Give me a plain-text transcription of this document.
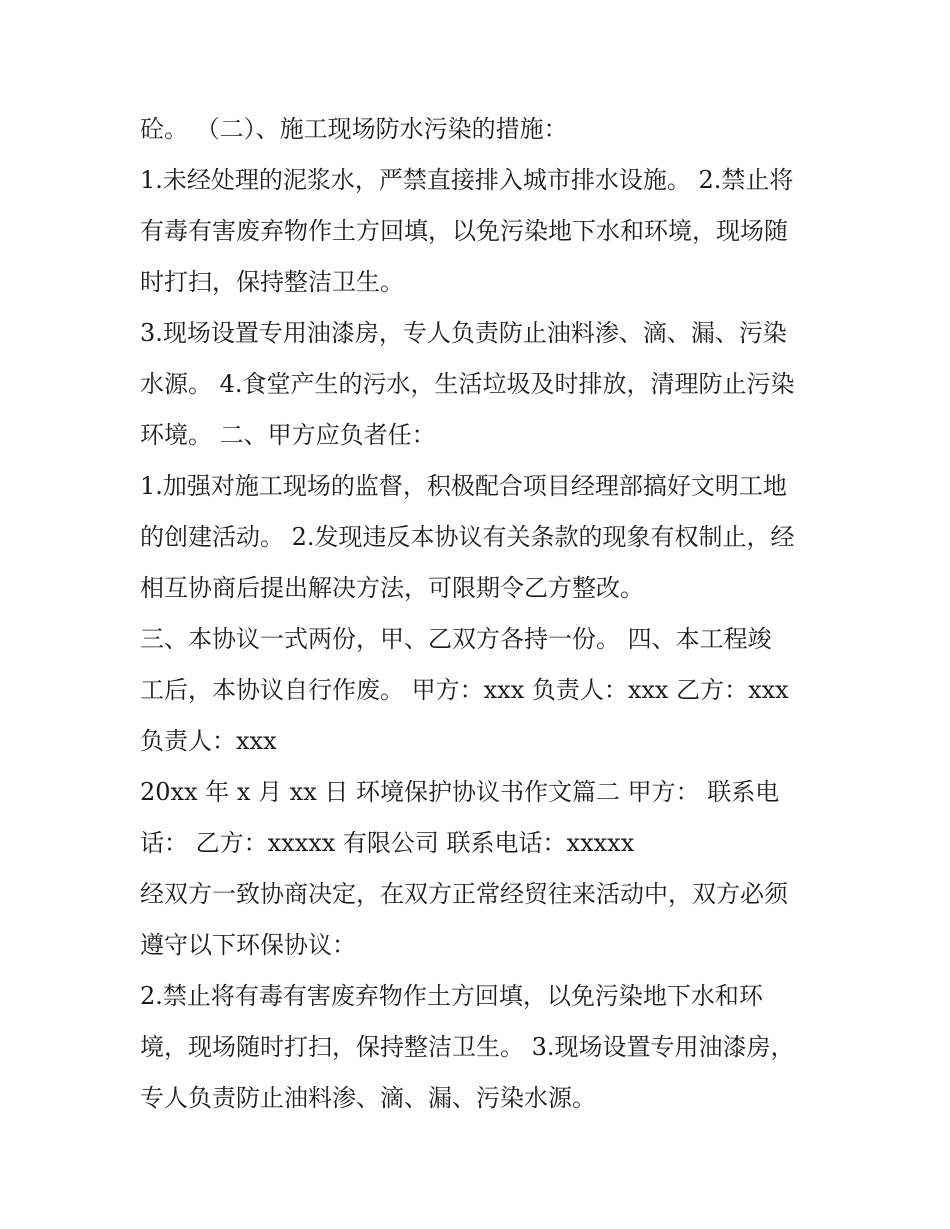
砼。 （二）、施工现场防水污染的措施：
1.未经处理的泥浆水，严禁直接排入城市排水设施。 2.禁止将
有毒有害废弃物作土方回填，以免污染地下水和环境，现场随
时打扫，保持整洁卫生。
3.现场设置专用油漆房，专人负责防止油料渗、滴、漏、污染
水源。 4.食堂产生的污水，生活垃圾及时排放，清理防止污染
环境。 二、甲方应负者任：
1.加强对施工现场的监督，积极配合项目经理部搞好文明工地
的创建活动。 2.发现违反本协议有关条款的现象有权制止，经
相互协商后提出解决方法，可限期令乙方整改。
三、本协议一式两份，甲、乙双方各持一份。 四、本工程竣
工后，本协议自行作废。 甲方：xxx 负责人：xxx 乙方：xxx
负责人：xxx
20xx 年 x 月 xx 日 环境保护协议书作文篇二 甲方： 联系电
话： 乙方：xxxxx 有限公司 联系电话：xxxxx
经双方一致协商决定，在双方正常经贸往来活动中，双方必须
遵守以下环保协议：
2.禁止将有毒有害废弃物作土方回填，以免污染地下水和环
境，现场随时打扫，保持整洁卫生。 3.现场设置专用油漆房，
专人负责防止油料渗、滴、漏、污染水源。
